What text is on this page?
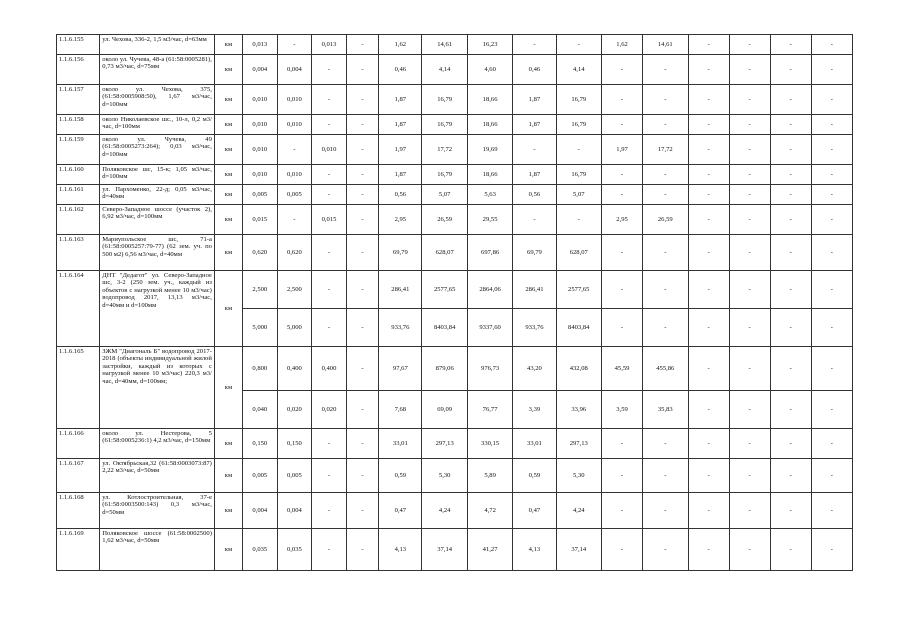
1.1.6.155	ул. Чехова, 336-2, 1,5 м3/час, d=63мм	км	0,013	-	0,013	-	1,62	14,61	16,23	-	-	1,62	14,61	-	-	-	-
1.1.6.156	около ул. Чучева, 48-а (61:58:0005281), 0,73 м3/час, d=75мм	км	0,004	0,004	-	-	0,46	4,14	4,60	0,46	4,14	-	-	-	-	-	-
1.1.6.157	около ул. Чехова, 375, (61:58:0005908:50), 1,67 м3/час, d=100мм	км	0,010	0,010	-	-	1,87	16,79	18,66	1,87	16,79	-	-	-	-	-	-
1.1.6.158	около Николаевское шс., 10-л, 0,2 м3/час, d=100мм	км	0,010	0,010	-	-	1,87	16,79	18,66	1,87	16,79	-	-	-	-	-	-
1.1.6.159	около ул. Чучева, 49 (61:58:0005273:264); 0,03 м3/час, d=100мм	км	0,010	-	0,010	-	1,97	17,72	19,69	-	-	1,97	17,72	-	-	-	-
1.1.6.160	Поляковское шс, 15-к; 1,05 м3/час, d=100мм	км	0,010	0,010	-	-	1,87	16,79	18,66	1,87	16,79	-	-	-	-	-	-
1.1.6.161	ул. Пархоменко, 22-д; 0,05 м3/час, d=40мм	км	0,005	0,005	-	-	0,56	5,07	5,63	0,56	5,07	-	-	-	-	-	-
1.1.6.162	Северо-Западное шоссе (участок 2), 6,92 м3/час, d=100мм	км	0,015	-	0,015	-	2,95	26,59	29,55	-	-	2,95	26,59	-	-	-	-
1.1.6.163	Мариупольское шс, 71-а (61:58:0005257:79-77) (62 зем. уч. по 500 м2) 6,56 м3/час, d=40мм	км	0,620	0,620	-	-	69,79	628,07	697,86	69,79	628,07	-	-	-	-	-	-
1.1.6.164	ДНТ "Дедагот" ул. Северо-Западное шс, 3-2 (250 зем. уч., каждый из объектов с нагрузкой менее 10 м3/час) водопровод 2017, 13,13 м3/час, d=40мм и d=100мм	км	2,500	2,500	-	-	286,41	2577,65	2864,06	286,41	2577,65	-	-	-	-	-	-
			5,000	5,000	-	-	933,76	8403,84	9337,60	933,76	8403,84	-	-	-	-	-	-
1.1.6.165	ЗЖМ "Диагональ Б" водопровод 2017-2018 (объекты индивидуальной жилой застройки, каждый из которых с нагрузкой менее 10 м3/час) 220,3 м3/час, d=40мм, d=100мм;	км	0,800	0,400	0,400	-	97,67	879,06	976,73	43,20	432,08	45,59	455,86	-	-	-	-
			0,040	0,020	0,020	-	7,68	69,09	76,77	3,39	33,96	3,59	35,83	-	-	-	-
1.1.6.166	около ул. Нестерова, 5 (61:58:0005236:1) 4,2 м3/час, d=150мм	км	0,150	0,150	-	-	33,01	297,13	330,15	33,01	297,13	-	-	-	-	-	-
1.1.6.167	ул. Октябрьская,32 (61:58:0003073:87) 2,22 м3/час, d=50мм	км	0,005	0,005	-	-	0,59	5,30	5,89	0,59	5,30	-	-	-	-	-	-
1.1.6.168	ул. Котлостроительная, 37-е (61:58:0003500:143) 0,3 м3/час, d=50мм	км	0,004	0,004	-	-	0,47	4,24	4,72	0,47	4,24	-	-	-	-	-	-
1.1.6.169	Поляковское шоссе (61:58:0002500) 1,62 м3/час, d=50мм	км	0,035	0,035	-	-	4,13	37,14	41,27	4,13	37,14	-	-	-	-	-	-
